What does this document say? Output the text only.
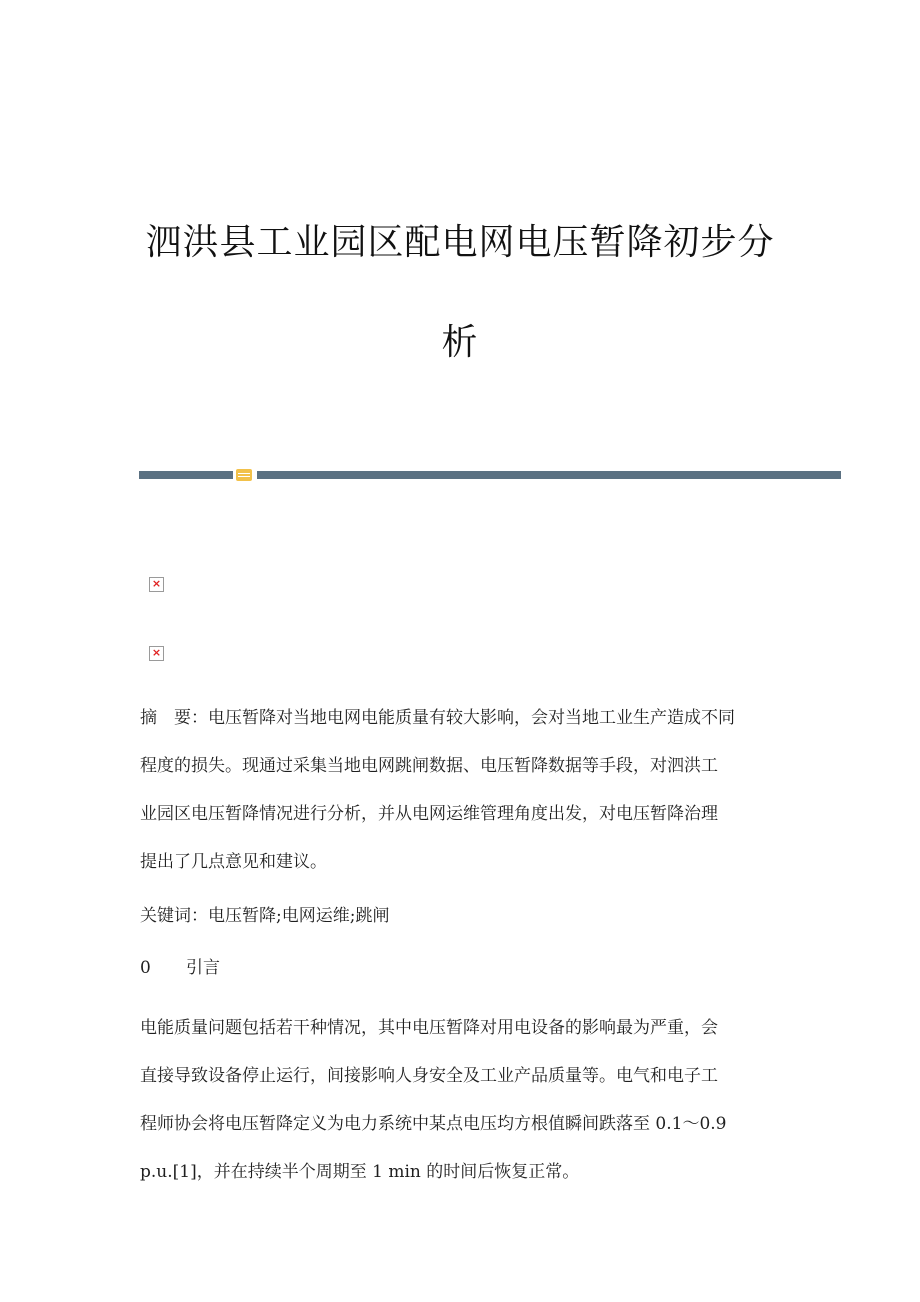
泗洪县工业园区配电网电压暂降初步分
析
×
×

摘　要：电压暂降对当地电网电能质量有较大影响，会对当地工业生产造成不同

程度的损失。现通过采集当地电网跳闸数据、电压暂降数据等手段，对泗洪工

业园区电压暂降情况进行分析，并从电网运维管理角度出发，对电压暂降治理

提出了几点意见和建议。

关键词：电压暂降;电网运维;跳闸
0 引言

电能质量问题包括若干种情况，其中电压暂降对用电设备的影响最为严重，会

直接导致设备停止运行，间接影响人身安全及工业产品质量等。电气和电子工

程师协会将电压暂降定义为电力系统中某点电压均方根值瞬间跌落至 0.1～0.9

p.u.[1]，并在持续半个周期至 1 min 的时间后恢复正常。
